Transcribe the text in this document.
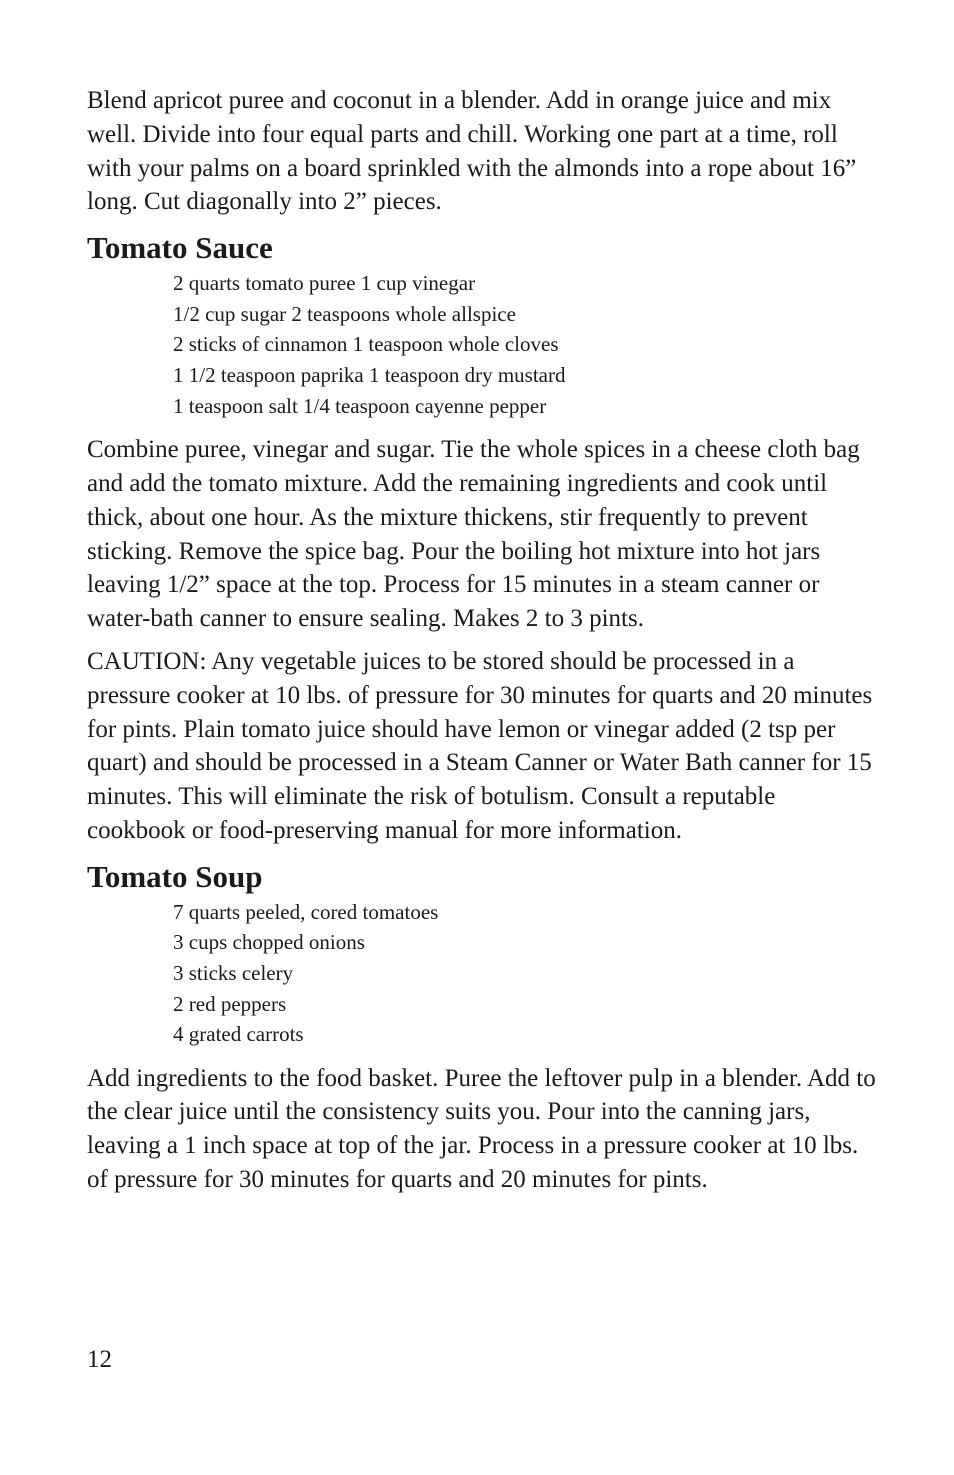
Blend apricot puree and coconut in a blender. Add in orange juice and mix well. Divide into four equal parts and chill. Working one part at a time, roll with your palms on a board sprinkled with the almonds into a rope about 16” long. Cut diagonally into 2” pieces.

Tomato Sauce
2 quarts tomato puree 1 cup vinegar
1/2 cup sugar 2 teaspoons whole allspice
2 sticks of cinnamon 1 teaspoon whole cloves
1 1/2 teaspoon paprika 1 teaspoon dry mustard
1 teaspoon salt 1/4 teaspoon cayenne pepper

Combine puree, vinegar and sugar. Tie the whole spices in a cheese cloth bag and add the tomato mixture. Add the remaining ingredients and cook until thick, about one hour. As the mixture thickens, stir frequently to prevent sticking. Remove the spice bag. Pour the boiling hot mixture into hot jars leaving 1/2” space at the top. Process for 15 minutes in a steam canner or water-bath canner to ensure sealing. Makes 2 to 3 pints.

CAUTION: Any vegetable juices to be stored should be processed in a pressure cooker at 10 lbs. of pressure for 30 minutes for quarts and 20 minutes for pints. Plain tomato juice should have lemon or vinegar added (2 tsp per quart) and should be processed in a Steam Canner or Water Bath canner for 15 minutes. This will eliminate the risk of botulism. Consult a reputable cookbook or food-preserving manual for more information.

Tomato Soup
7 quarts peeled, cored tomatoes
3 cups chopped onions
3 sticks celery
2 red peppers
4 grated carrots

Add ingredients to the food basket. Puree the leftover pulp in a blender. Add to the clear juice until the consistency suits you. Pour into the canning jars, leaving a 1 inch space at top of the jar. Process in a pressure cooker at 10 lbs. of pressure for 30 minutes for quarts and 20 minutes for pints.

12
